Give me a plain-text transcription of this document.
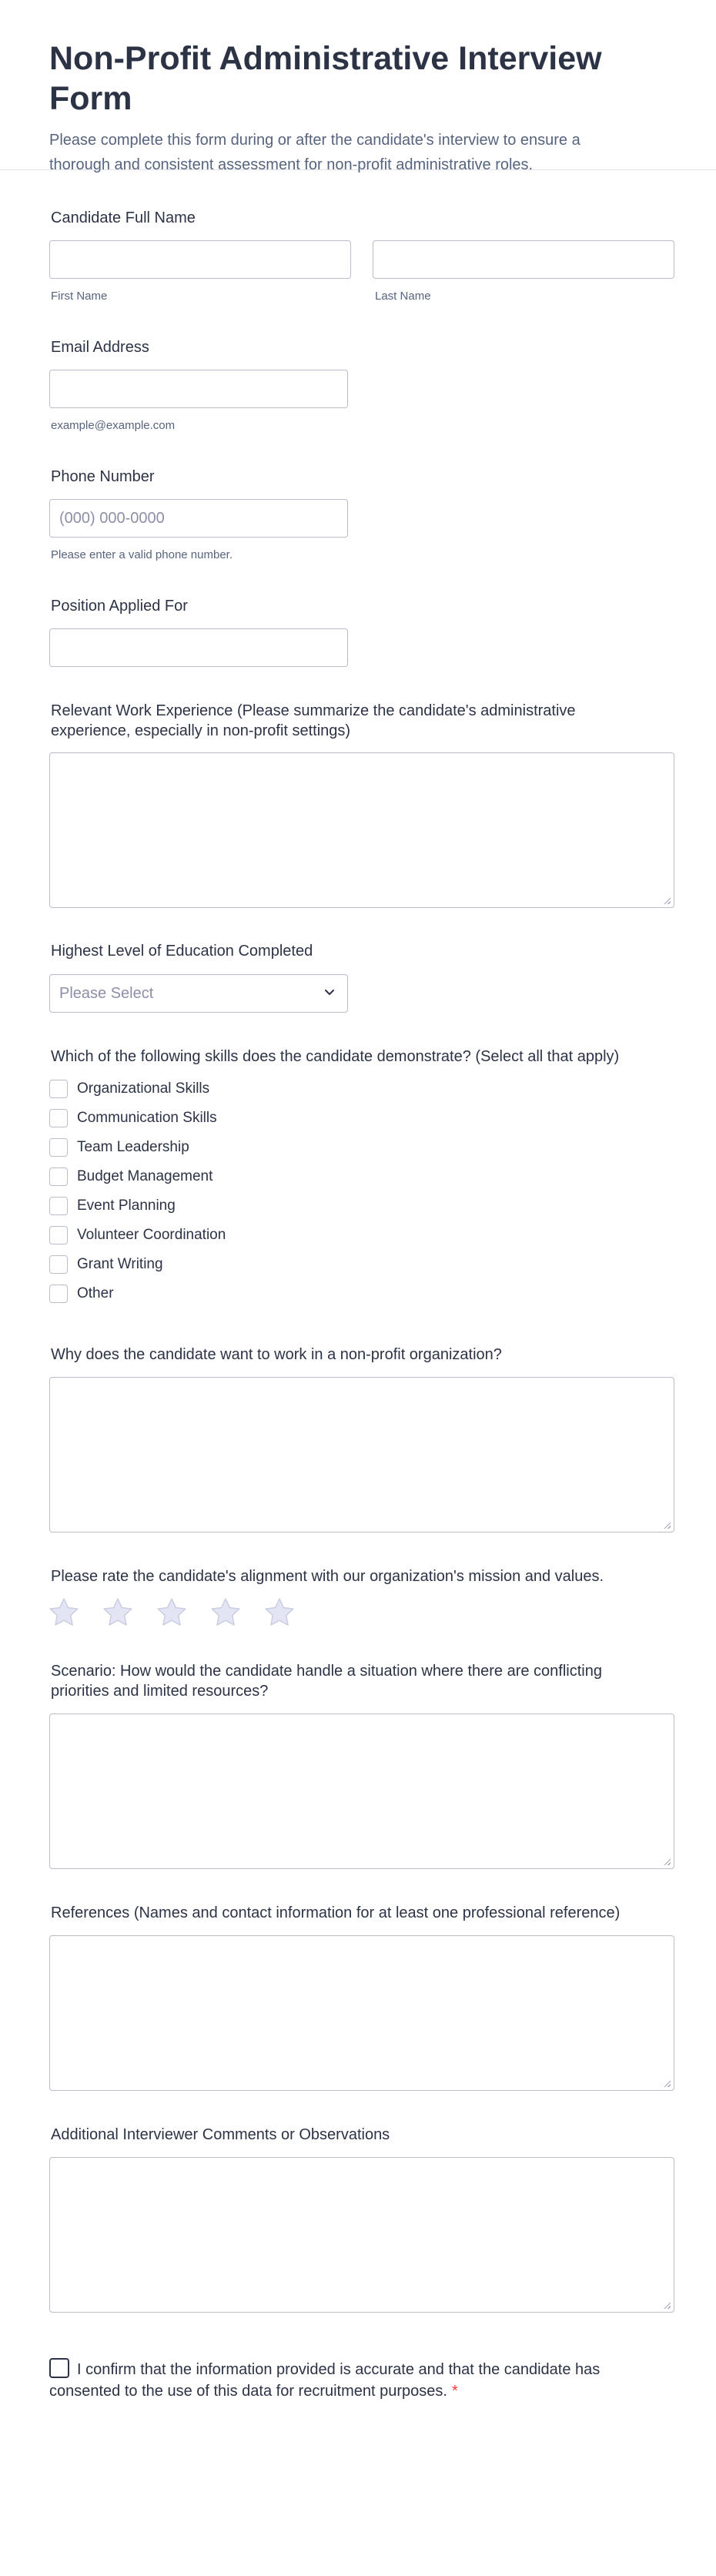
Non-Profit Administrative Interview Form
Please complete this form during or after the candidate's interview to ensure a thorough and consistent assessment for non-profit administrative roles.
Candidate Full Name
First Name	Last Name
Email Address
example@example.com
Phone Number
(000) 000-0000
Please enter a valid phone number.
Position Applied For
Relevant Work Experience (Please summarize the candidate's administrative experience, especially in non-profit settings)
Highest Level of Education Completed
Please Select
Which of the following skills does the candidate demonstrate? (Select all that apply)
Organizational Skills
Communication Skills
Team Leadership
Budget Management
Event Planning
Volunteer Coordination
Grant Writing
Other
Why does the candidate want to work in a non-profit organization?
Please rate the candidate's alignment with our organization's mission and values.
Scenario: How would the candidate handle a situation where there are conflicting priorities and limited resources?
References (Names and contact information for at least one professional reference)
Additional Interviewer Comments or Observations
I confirm that the information provided is accurate and that the candidate has consented to the use of this data for recruitment purposes. *
